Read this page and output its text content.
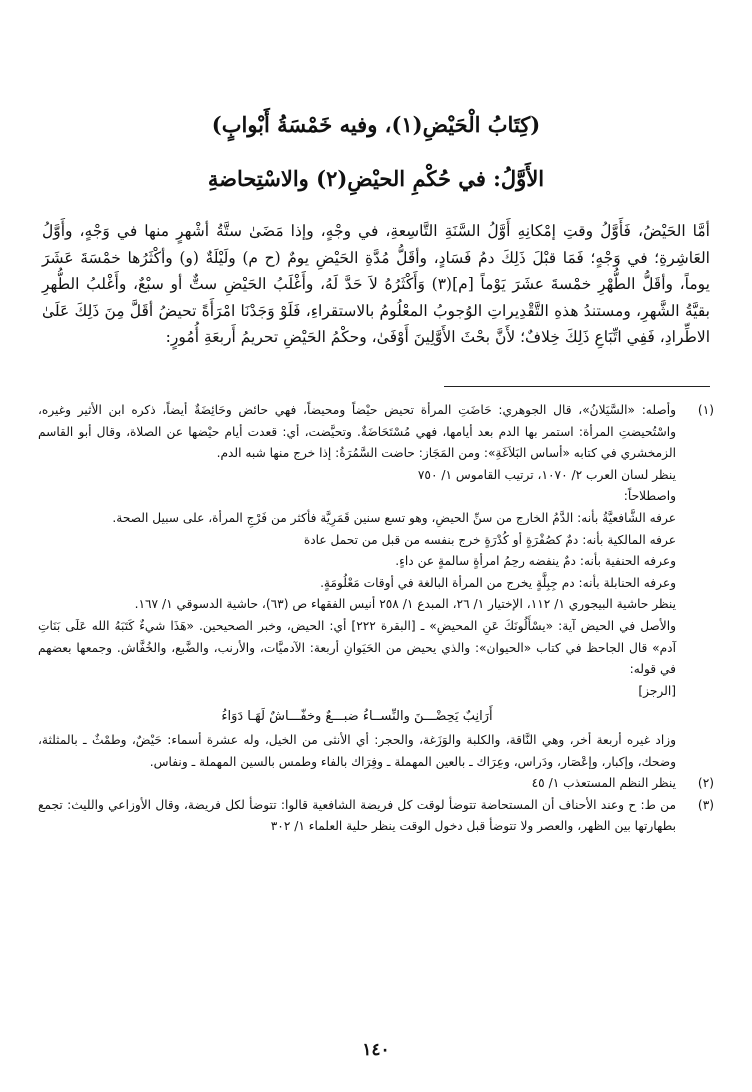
(كِتَابُ الْحَيْضِ(١)، وفيه خَمْسَةُ أَبْوابٍ)
الأَوَّلُ: في حُكْمِ الحيْضِ(٢) والاسْتِحاضةِ

أمَّا الحَيْضُ، فَأَوَّلُ وقتِ إمْكانِهِ أَوَّلُ السَّنَةِ التَّاسِعةِ، في وجْهٍ، وإذا مَضَىٰ ستَّةُ أشْهرٍ منها في وَجْهٍ، وأَوَّلُ العَاشِرةِ؛ في وَجْهٍ؛ فَمَا قبْلَ ذَلِكَ دمُ فَسَادٍ، وأقَلُّ مُدَّةِ الحَيْضِ يومٌ (ح م) ولَيْلَةٌ (و) وأكْثَرُها خمْسَةَ عَشَرَ يوماً، وأقَلُّ الطُّهْرِ خمْسةَ عشَرَ يَوْماً [م](٣) وَأَكْثَرُهُ لاَ حَدَّ لَهُ، وأَغْلَبُ الحَيْضِ ستٌّ أو سبْعٌ، وأَغْلبُ الطُّهرِ بقيَّةُ الشَّهرِ، ومستندُ هذهِ التَّقْدِيراتِ الوُجوبُ المعْلُومُ بالاستقراءِ، فَلَوْ وَجَدْنَا امْرَأَةً تحيضُ أقَلَّ مِنَ ذَلِكَ عَلَىٰ الاطِّرادِ، فَفِي اتِّبَاعِ ذَلِكَ خِلافٌ؛ لأَنَّ بحْثَ الأَوَّلِينَ أَوْفَىٰ، وحكْمُ الحَيْضِ تحريمُ أَربعَةِ أُمُورٍ:

(١)

وأصله: «السَّيَلانُ»، قال الجوهري: حَاضَتِ المرأة تحيض حيْضاً ومحيضاً، فهي حائض وحَائِضَةٌ أيضاً، ذكره ابن الأثير وغيره، واسْتُحيضتِ المرأة: استمر بها الدم بعد أيامها، فهي مُسْتَحَاضَةٌ. وتحيَّضت، أي: قعدت أيام حيْضها عن الصلاة، وقال أبو القاسم الزمخشري في كتابه «أساس البَلاَغَةِ»: ومن المَجَاز: حاضت السَّمُرَةُ: إذا خرج منها شبه الدم.

ينظر لسان العرب ٢/ ١٠٧٠، ترتيب القاموس ١/ ٧٥٠

واصطلاحاً:

عرفه الشَّافعيَّةُ بأنه: الدَّمُ الخارج من سنِّ الحيضِ، وهو تسع سنين قَمَرِيَّة فأكثر من فَرْجِ المرأة، على سبيل الصحة.

عرفه المالكية بأنه: دمٌ كصُفْرَةٍ أو كُدْرَةٍ خرج بنفسه من قبل من تحمل عادة

وعرفه الحنفية بأنه: دمٌ ينفضه رحِمُ امرأةٍ سالمةٍ عن داءٍ.

وعرفه الحنابلة بأنه: دم جِبِلَّةٍ يخرج من المرأة البالغة في أوقات مَعْلُومَةٍ.

ينظر حاشية البيجوري ١/ ١١٢، الإختيار ١/ ٢٦، المبدع ١/ ٢٥٨ أنيس الفقهاء ص (٦٣)، حاشية الدسوقي ١/ ١٦٧.

والأصل في الحيض آية: «يسْأَلُونَكَ عَنِ المحيضِ» ـ [البقرة ٢٢٢] أي: الحيض، وخبر الصحيحين. «هَذَا شيءٌ كَتَبَهُ الله عَلَى بَنَاتِ آدم» قال الجاحظ في كتاب «الحيوان»: والذي يحيض من الحَيَوانِ أربعة: الآدميَّات، والأرنب، والضَّبع، والخُفَّاش. وجمعها بعضهم في قوله:

[الرجز]

أَرَانِبٌ يَحِضْـــنَ والنِّســاءُ ضبـــعٌ وخفّـــاشٌ لَهَـا دَوَاءُ

وزاد غيره أربعة أخر، وهي النَّاقة، والكلبة والوَزَغة، والحجر: أي الأنثى من الخيل، وله عشرة أسماء: حَيْضٌ، وطمْثٌ ـ بالمثلثة، وضحك، وإكبار، وإعْصَار، ودَراس، وعِرَاك ـ بالعين المهملة ـ وفِرَاك بالفاء وطمس بالسين المهملة ـ ونفاس.

(٢)

ينظر النظم المستعذب ١/ ٤٥

(٣)

من ط: ح وعند الأحناف أن المستحاضة تتوضأ لوقت كل فريضة الشافعية قالوا: تتوضأ لكل فريضة، وقال الأوزاعي والليث: تجمع بطهارتها بين الظهر، والعصر ولا تتوضأ قبل دخول الوقت ينظر حلية العلماء ١/ ٣٠٢

١٤٠
